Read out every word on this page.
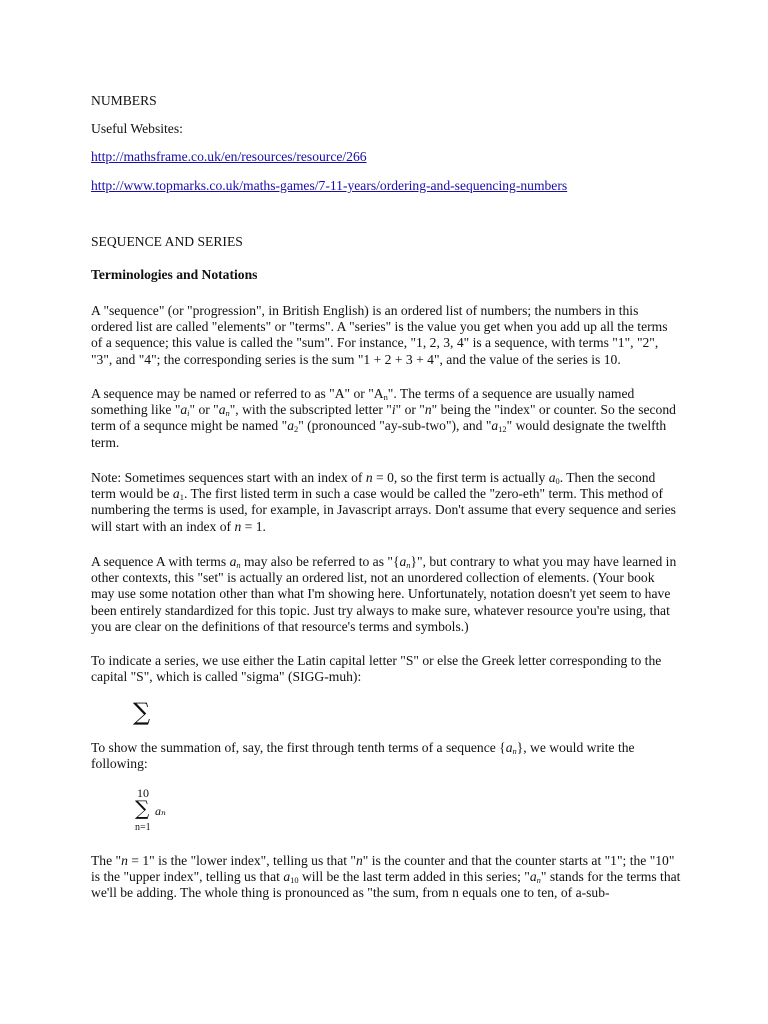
NUMBERS

Useful Websites:

http://mathsframe.co.uk/en/resources/resource/266

http://www.topmarks.co.uk/maths-games/7-11-years/ordering-and-sequencing-numbers

SEQUENCE AND SERIES

Terminologies and Notations

A "sequence" (or "progression", in British English) is an ordered list of numbers; the numbers in this ordered list are called "elements" or "terms". A "series" is the value you get when you add up all the terms of a sequence; this value is called the "sum". For instance, "1, 2, 3, 4" is a sequence, with terms "1", "2", "3", and "4"; the corresponding series is the sum "1 + 2 + 3 + 4", and the value of the series is 10.

A sequence may be named or referred to as "A" or "$A_n$". The terms of a sequence are usually named something like "$a_i$" or "$a_n$", with the subscripted letter "i" or "n" being the "index" or counter. So the second term of a sequnce might be named "$a_2$" (pronounced "ay-sub-two"), and "$a_{12}$" would designate the twelfth term.

Note: Sometimes sequences start with an index of n = 0, so the first term is actually $a_0$. Then the second term would be $a_1$. The first listed term in such a case would be called the "zero-eth" term. This method of numbering the terms is used, for example, in Javascript arrays. Don't assume that every sequence and series will start with an index of n = 1.

A sequence A with terms $a_n$ may also be referred to as "$\{a_n\}$", but contrary to what you may have learned in other contexts, this "set" is actually an ordered list, not an unordered collection of elements. (Your book may use some notation other than what I'm showing here. Unfortunately, notation doesn't yet seem to have been entirely standardized for this topic. Just try always to make sure, whatever resource you're using, that you are clear on the definitions of that resource's terms and symbols.)

To indicate a series, we use either the Latin capital letter "S" or else the Greek letter corresponding to the capital "S", which is called "sigma" (SIGG-muh):

∑

To show the summation of, say, the first through tenth terms of a sequence $\{a_n\}$, we would write the following:

10
∑ aₙ
n=1

The "n = 1" is the "lower index", telling us that "n" is the counter and that the counter starts at "1"; the "10" is the "upper index", telling us that $a_{10}$ will be the last term added in this series; "$a_n$" stands for the terms that we'll be adding. The whole thing is pronounced as "the sum, from n equals one to ten, of a-sub-
